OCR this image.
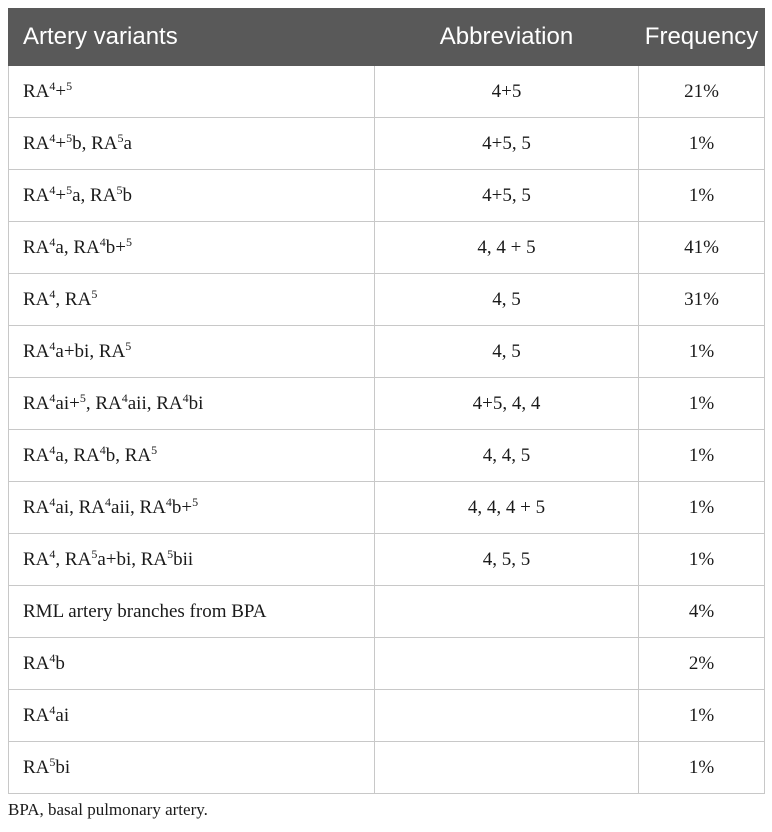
Artery variants	Abbreviation	Frequency
$RA^4+^5$	4+5	21%
$RA^4+^5b$, $RA^5a$	4+5, 5	1%
$RA^4+^5a$, $RA^5b$	4+5, 5	1%
$RA^4a$, $RA^4b+^5$	4, 4 + 5	41%
$RA^4$, $RA^5$	4, 5	31%
$RA^4a+bi$, $RA^5$	4, 5	1%
$RA^4ai+^5$, $RA^4aii$, $RA^4bi$	4+5, 4, 4	1%
$RA^4a$, $RA^4b$, $RA^5$	4, 4, 5	1%
$RA^4ai$, $RA^4aii$, $RA^4b+^5$	4, 4, 4 + 5	1%
$RA^4$, $RA^5a+bi$, $RA^5bii$	4, 5, 5	1%
RML artery branches from BPA		4%
$RA^4b$		2%
$RA^4ai$		1%
$RA^5bi$		1%

BPA, basal pulmonary artery.
